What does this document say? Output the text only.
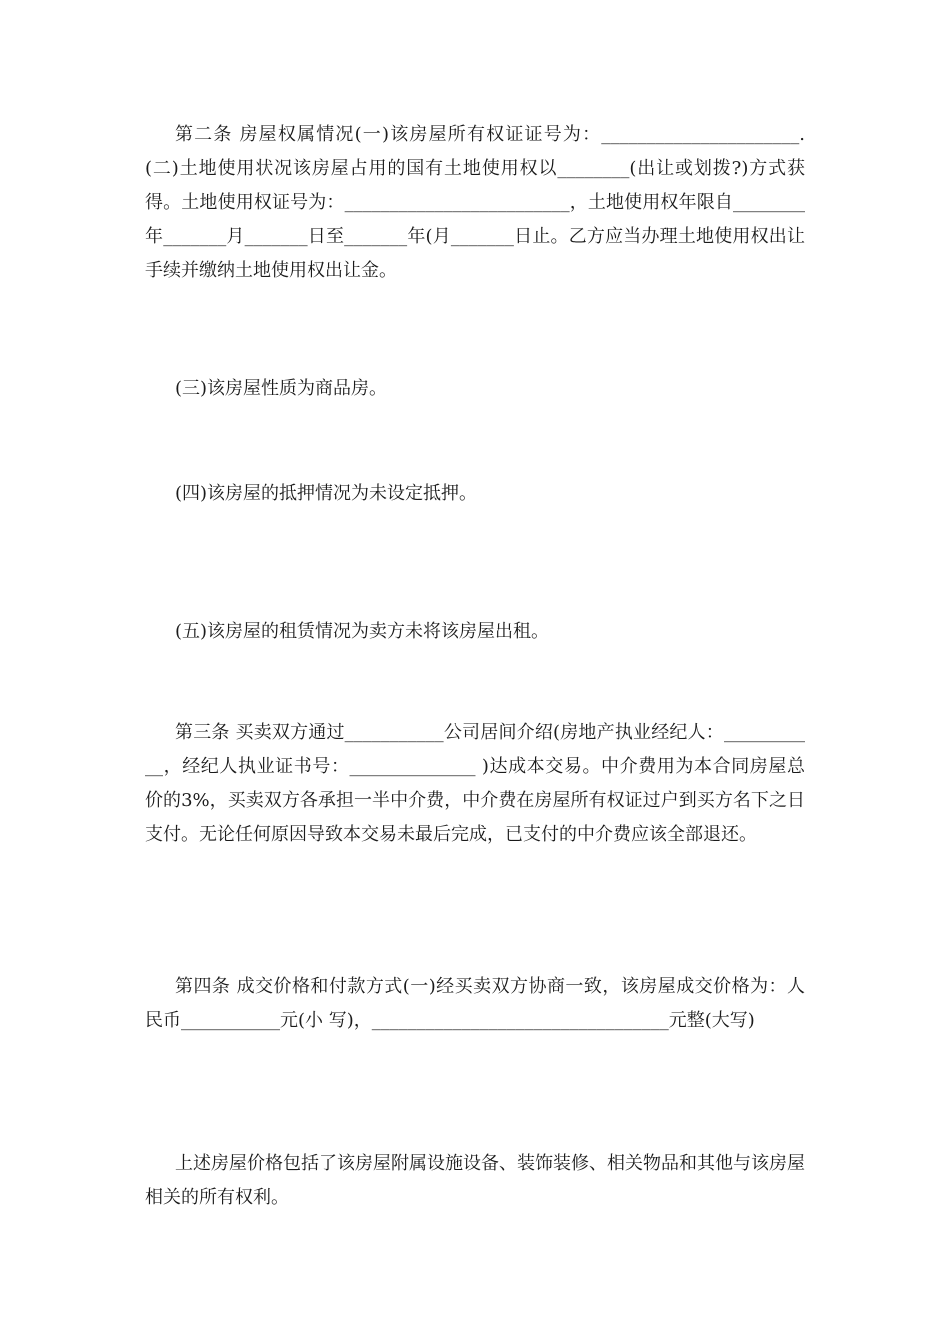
第二条 房屋权属情况(一)该房屋所有权证证号为：______________________.(二)土地使用状况该房屋占用的国有土地使用权以________(出让或划拨?)方式获得。土地使用权证号为：_________________________，土地使用权年限自________年_______月_______日至_______年(月_______日止。乙方应当办理土地使用权出让手续并缴纳土地使用权出让金。

(三)该房屋性质为商品房。

(四)该房屋的抵押情况为未设定抵押。

(五)该房屋的租赁情况为卖方未将该房屋出租。

第三条 买卖双方通过___________公司居间介绍(房地产执业经纪人：___________，经纪人执业证书号：______________ )达成本交易。中介费用为本合同房屋总价的3%，买卖双方各承担一半中介费，中介费在房屋所有权证过户到买方名下之日支付。无论任何原因导致本交易未最后完成，已支付的中介费应该全部退还。

第四条 成交价格和付款方式(一)经买卖双方协商一致，该房屋成交价格为：人民币___________元(小 写)，_________________________________元整(大写)

上述房屋价格包括了该房屋附属设施设备、装饰装修、相关物品和其他与该房屋相关的所有权利。
